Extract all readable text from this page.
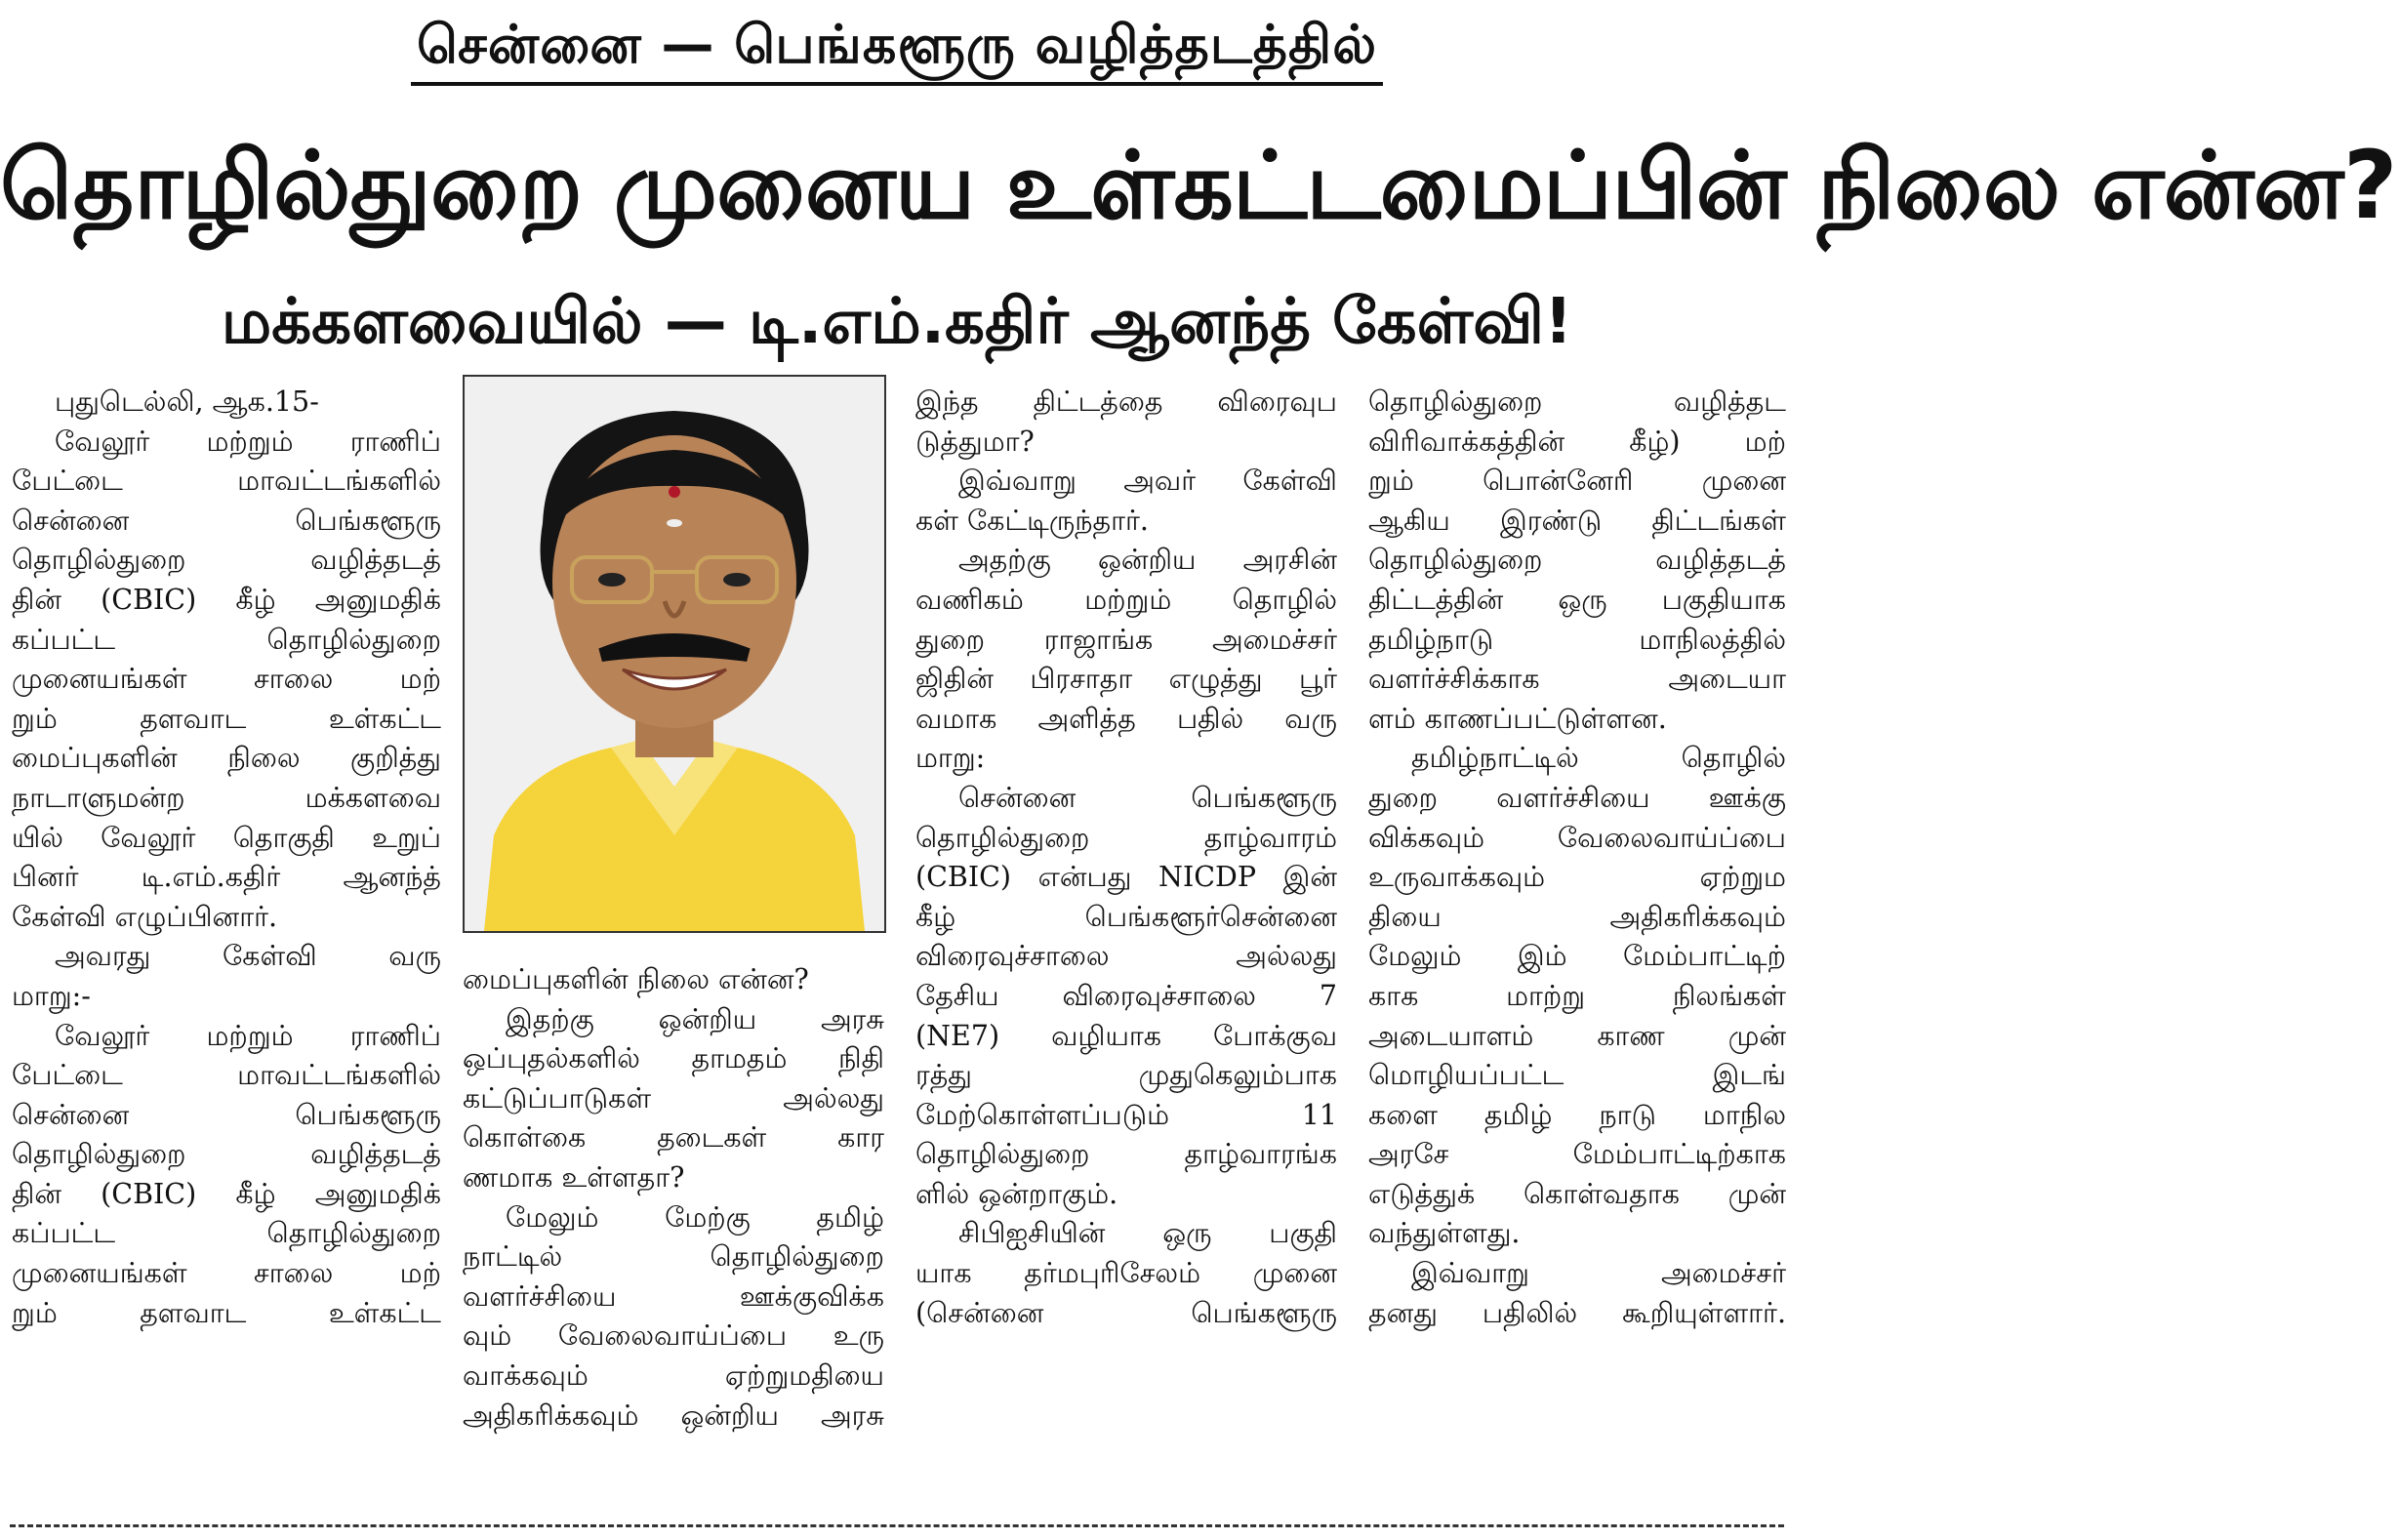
சென்னை — பெங்களூரு வழித்தடத்தில்
தொழில்துறை முனைய உள்கட்டமைப்பின் நிலை என்ன?
மக்களவையில் — டி.எம்.கதிர் ஆனந்த் கேள்வி!
புதுடெல்லி, ஆக.15-
வேலூர் மற்றும் ராணிப்
பேட்டை மாவட்டங்களில்
சென்னை பெங்களூரு
தொழில்துறை வழித்தடத்
தின் (CBIC) கீழ் அனுமதிக்
கப்பட்ட தொழில்துறை
முனையங்கள் சாலை மற்
றும் தளவாட உள்கட்ட
மைப்புகளின் நிலை குறித்து
நாடாளுமன்ற மக்களவை
யில் வேலூர் தொகுதி உறுப்
பினர் டி.எம்.கதிர் ஆனந்த்
கேள்வி எழுப்பினார்.
அவரது கேள்வி வரு
மாறு:-
வேலூர் மற்றும் ராணிப்
பேட்டை மாவட்டங்களில்
சென்னை பெங்களூரு
தொழில்துறை வழித்தடத்
தின் (CBIC) கீழ் அனுமதிக்
கப்பட்ட தொழில்துறை
முனையங்கள் சாலை மற்
றும் தளவாட உள்கட்ட
மைப்புகளின் நிலை என்ன?
இதற்கு ஒன்றிய அரசு
ஒப்புதல்களில் தாமதம் நிதி
கட்டுப்பாடுகள் அல்லது
கொள்கை தடைகள் கார
ணமாக உள்ளதா?
மேலும் மேற்கு தமிழ்
நாட்டில் தொழில்துறை
வளர்ச்சியை ஊக்குவிக்க
வும் வேலைவாய்ப்பை உரு
வாக்கவும் ஏற்றுமதியை
அதிகரிக்கவும் ஒன்றிய அரசு
இந்த திட்டத்தை விரைவுப
டுத்துமா?
இவ்வாறு அவர் கேள்வி
கள் கேட்டிருந்தார்.
அதற்கு ஒன்றிய அரசின்
வணிகம் மற்றும் தொழில்
துறை ராஜாங்க அமைச்சர்
ஜிதின் பிரசாதா எழுத்து பூர்
வமாக அளித்த பதில் வரு
மாறு:
சென்னை பெங்களூரு
தொழில்துறை தாழ்வாரம்
(CBIC) என்பது NICDP இன்
கீழ் பெங்களூர்சென்னை
விரைவுச்சாலை அல்லது
தேசிய விரைவுச்சாலை 7
(NE7) வழியாக போக்குவ
ரத்து முதுகெலும்பாக
மேற்கொள்ளப்படும் 11
தொழில்துறை தாழ்வாரங்க
ளில் ஒன்றாகும்.
சிபிஐசியின் ஒரு பகுதி
யாக தர்மபுரிசேலம் முனை
(சென்னை பெங்களூரு
தொழில்துறை வழித்தட
விரிவாக்கத்தின் கீழ்) மற்
றும் பொன்னேரி முனை
ஆகிய இரண்டு திட்டங்கள்
தொழில்துறை வழித்தடத்
திட்டத்தின் ஒரு பகுதியாக
தமிழ்நாடு மாநிலத்தில்
வளர்ச்சிக்காக அடையா
ளம் காணப்பட்டுள்ளன.
தமிழ்நாட்டில் தொழில்
துறை வளர்ச்சியை ஊக்கு
விக்கவும் வேலைவாய்ப்பை
உருவாக்கவும் ஏற்றும
தியை அதிகரிக்கவும்
மேலும் இம் மேம்பாட்டிற்
காக மாற்று நிலங்கள்
அடையாளம் காண முன்
மொழியப்பட்ட இடங்
களை தமிழ் நாடு மாநில
அரசே மேம்பாட்டிற்காக
எடுத்துக் கொள்வதாக முன்
வந்துள்ளது.
இவ்வாறு அமைச்சர்
தனது பதிலில் கூறியுள்ளார்.
